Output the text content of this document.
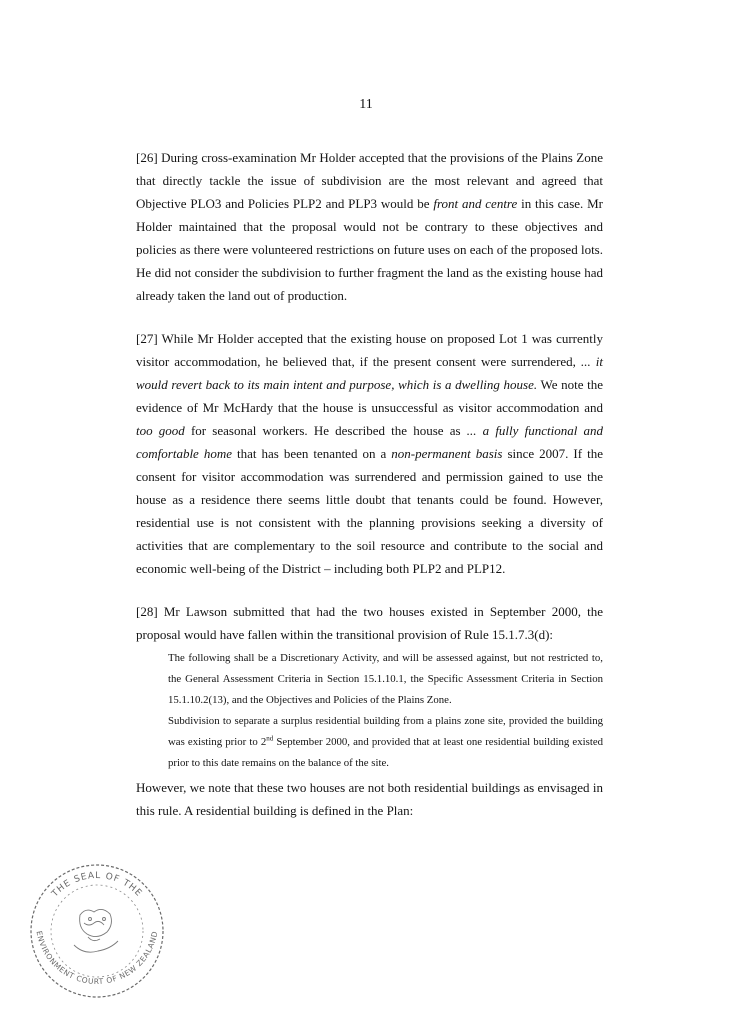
11

[26] During cross-examination Mr Holder accepted that the provisions of the Plains Zone that directly tackle the issue of subdivision are the most relevant and agreed that Objective PLO3 and Policies PLP2 and PLP3 would be front and centre in this case. Mr Holder maintained that the proposal would not be contrary to these objectives and policies as there were volunteered restrictions on future uses on each of the proposed lots. He did not consider the subdivision to further fragment the land as the existing house had already taken the land out of production.

[27] While Mr Holder accepted that the existing house on proposed Lot 1 was currently visitor accommodation, he believed that, if the present consent were surrendered, ... it would revert back to its main intent and purpose, which is a dwelling house. We note the evidence of Mr McHardy that the house is unsuccessful as visitor accommodation and too good for seasonal workers. He described the house as ... a fully functional and comfortable home that has been tenanted on a non-permanent basis since 2007. If the consent for visitor accommodation was surrendered and permission gained to use the house as a residence there seems little doubt that tenants could be found. However, residential use is not consistent with the planning provisions seeking a diversity of activities that are complementary to the soil resource and contribute to the social and economic well-being of the District – including both PLP2 and PLP12.

[28] Mr Lawson submitted that had the two houses existed in September 2000, the proposal would have fallen within the transitional provision of Rule 15.1.7.3(d):

The following shall be a Discretionary Activity, and will be assessed against, but not restricted to, the General Assessment Criteria in Section 15.1.10.1, the Specific Assessment Criteria in Section 15.1.10.2(13), and the Objectives and Policies of the Plains Zone.

Subdivision to separate a surplus residential building from a plains zone site, provided the building was existing prior to 2nd September 2000, and provided that at least one residential building existed prior to this date remains on the balance of the site.

However, we note that these two houses are not both residential buildings as envisaged in this rule. A residential building is defined in the Plan:

THE SEAL OF THE
ENVIRONMENT COURT OF NEW ZEALAND
